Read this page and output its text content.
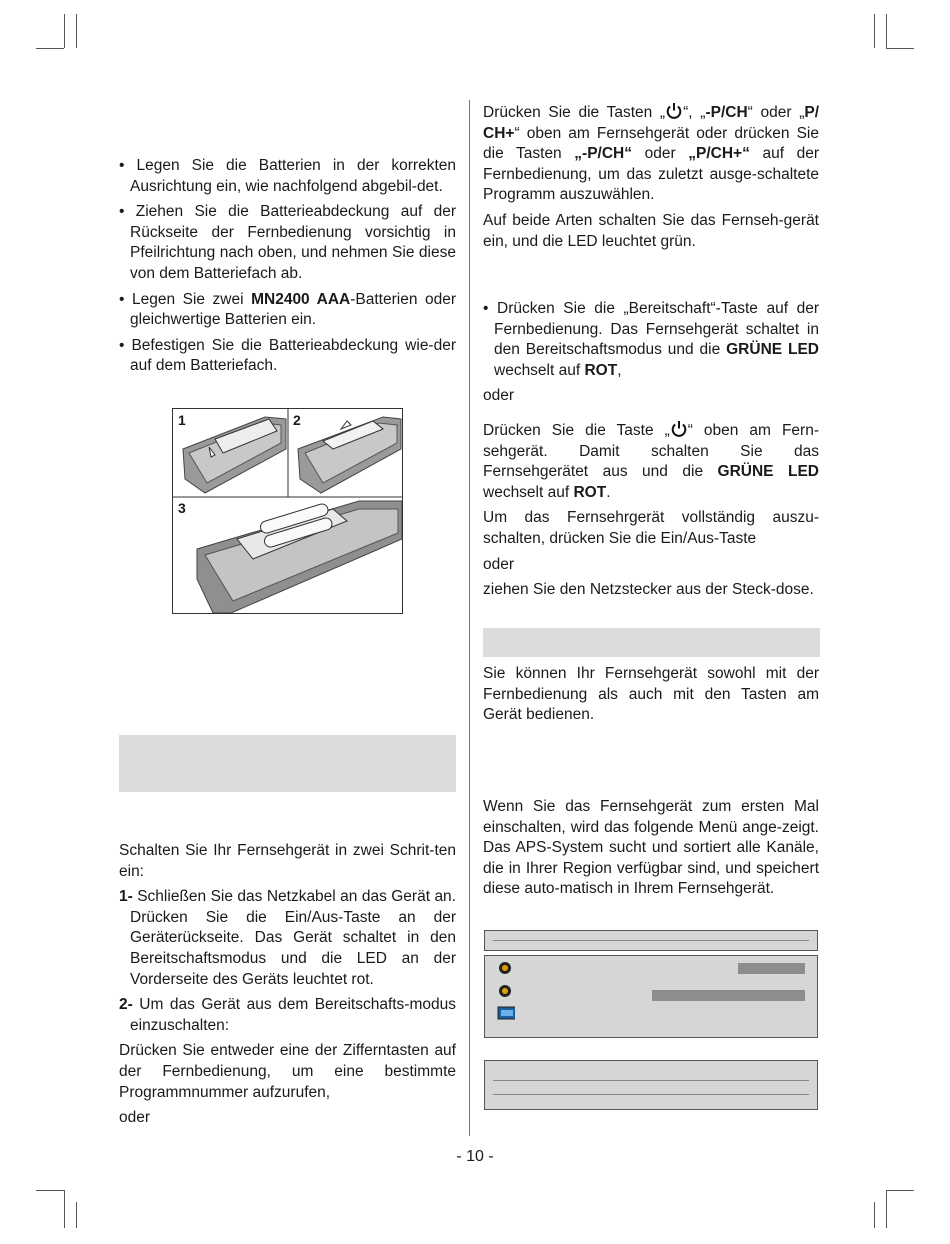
• Legen Sie die Batterien in der korrekten Ausrichtung ein, wie nachfolgend abgebil-det.

• Ziehen Sie die Batterieabdeckung auf der Rückseite der Fernbedienung vorsichtig in Pfeilrichtung nach oben, und nehmen Sie diese von dem Batteriefach ab.

• Legen Sie zwei MN2400 AAA-Batterien oder gleichwertige Batterien ein.

• Befestigen Sie die Batterieabdeckung wie-der auf dem Batteriefach.

1	2
3

Schalten Sie Ihr Fernsehgerät in zwei Schrit-ten ein:

1- Schließen Sie das Netzkabel an das Gerät an. Drücken Sie die Ein/Aus-Taste an der Geräterückseite. Das Gerät schaltet in den Bereitschaftsmodus und die LED an der Vorderseite des Geräts leuchtet rot.

2- Um das Gerät aus dem Bereitschafts-modus einzuschalten:

Drücken Sie entweder eine der Zifferntasten auf der Fernbedienung, um eine bestimmte Programmnummer aufzurufen,

oder

Drücken Sie die Tasten „ “, „-P/CH“ oder „P/ CH+“ oben am Fernsehgerät oder drücken Sie die Tasten „-P/CH“ oder „P/CH+“ auf der Fernbedienung, um das zuletzt ausge-schaltete Programm auszuwählen.

Auf beide Arten schalten Sie das Fernseh-gerät ein, und die LED leuchtet grün.

• Drücken Sie die „Bereitschaft“-Taste auf der Fernbedienung. Das Fernsehgerät schaltet in den Bereitschaftsmodus und die GRÜNE LED wechselt auf ROT,

oder

Drücken Sie die Taste „ “ oben am Fern-sehgerät. Damit schalten Sie das Fernsehgerätet aus und die GRÜNE LED wechselt auf ROT.

Um das Fernsehrgerät vollständig auszu-schalten, drücken Sie die Ein/Aus-Taste

oder

ziehen Sie den Netzstecker aus der Steck-dose.

Sie können Ihr Fernsehgerät sowohl mit der Fernbedienung als auch mit den Tasten am Gerät bedienen.

Wenn Sie das Fernsehgerät zum ersten Mal einschalten, wird das folgende Menü ange-zeigt. Das APS-System sucht und sortiert alle Kanäle, die in Ihrer Region verfügbar sind, und speichert diese auto-matisch in Ihrem Fernsehgerät.

- 10 -
